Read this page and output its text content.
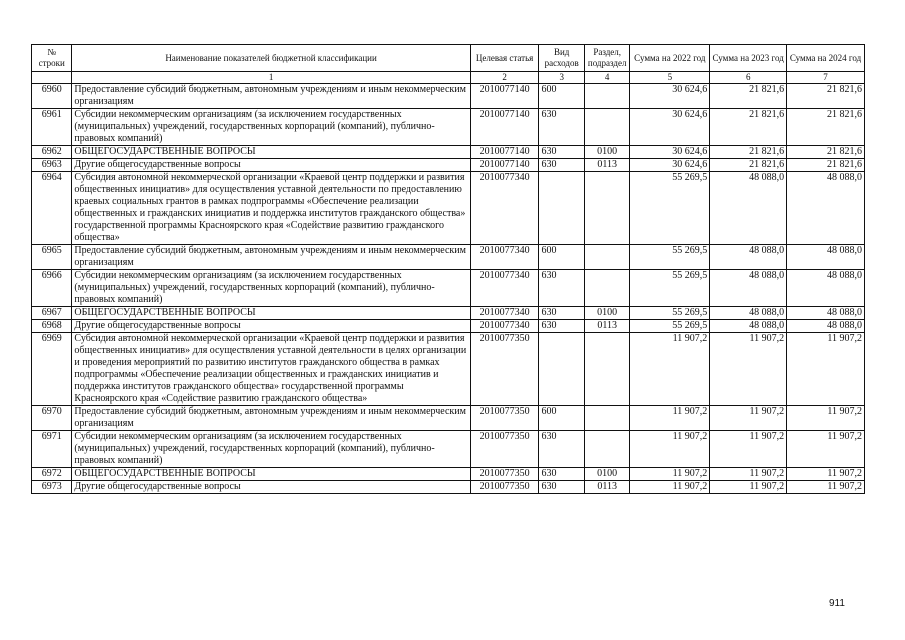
№ строки	Наименование показателей бюджетной классификации	Целевая статья	Вид расходов	Раздел, подраздел	Сумма на 2022 год	Сумма на 2023 год	Сумма на 2024 год
	1	2	3	4	5	6	7
6960	Предоставление субсидий бюджетным, автономным учреждениям и иным некоммерческим организациям	2010077140	600		30 624,6	21 821,6	21 821,6
6961	Субсидии некоммерческим организациям (за исключением государственных (муниципальных) учреждений, государственных корпораций (компаний), публично-правовых компаний)	2010077140	630		30 624,6	21 821,6	21 821,6
6962	ОБЩЕГОСУДАРСТВЕННЫЕ ВОПРОСЫ	2010077140	630	0100	30 624,6	21 821,6	21 821,6
6963	Другие общегосударственные вопросы	2010077140	630	0113	30 624,6	21 821,6	21 821,6
6964	Субсидия автономной некоммерческой организации «Краевой центр поддержки и развития общественных инициатив» для осуществления уставной деятельности по предоставлению краевых социальных грантов в рамках подпрограммы «Обеспечение реализации общественных и гражданских инициатив и поддержка институтов гражданского общества» государственной программы Красноярского края «Содействие развитию гражданского общества»	2010077340			55 269,5	48 088,0	48 088,0
6965	Предоставление субсидий бюджетным, автономным учреждениям и иным некоммерческим организациям	2010077340	600		55 269,5	48 088,0	48 088,0
6966	Субсидии некоммерческим организациям (за исключением государственных (муниципальных) учреждений, государственных корпораций (компаний), публично-правовых компаний)	2010077340	630		55 269,5	48 088,0	48 088,0
6967	ОБЩЕГОСУДАРСТВЕННЫЕ ВОПРОСЫ	2010077340	630	0100	55 269,5	48 088,0	48 088,0
6968	Другие общегосударственные вопросы	2010077340	630	0113	55 269,5	48 088,0	48 088,0
6969	Субсидия автономной некоммерческой организации «Краевой центр поддержки и развития общественных инициатив» для осуществления уставной деятельности в целях организации и проведения мероприятий по развитию институтов гражданского общества в рамках подпрограммы «Обеспечение реализации общественных и гражданских инициатив и поддержка институтов гражданского общества» государственной программы Красноярского края «Содействие развитию гражданского общества»	2010077350			11 907,2	11 907,2	11 907,2
6970	Предоставление субсидий бюджетным, автономным учреждениям и иным некоммерческим организациям	2010077350	600		11 907,2	11 907,2	11 907,2
6971	Субсидии некоммерческим организациям (за исключением государственных (муниципальных) учреждений, государственных корпораций (компаний), публично-правовых компаний)	2010077350	630		11 907,2	11 907,2	11 907,2
6972	ОБЩЕГОСУДАРСТВЕННЫЕ ВОПРОСЫ	2010077350	630	0100	11 907,2	11 907,2	11 907,2
6973	Другие общегосударственные вопросы	2010077350	630	0113	11 907,2	11 907,2	11 907,2
911
